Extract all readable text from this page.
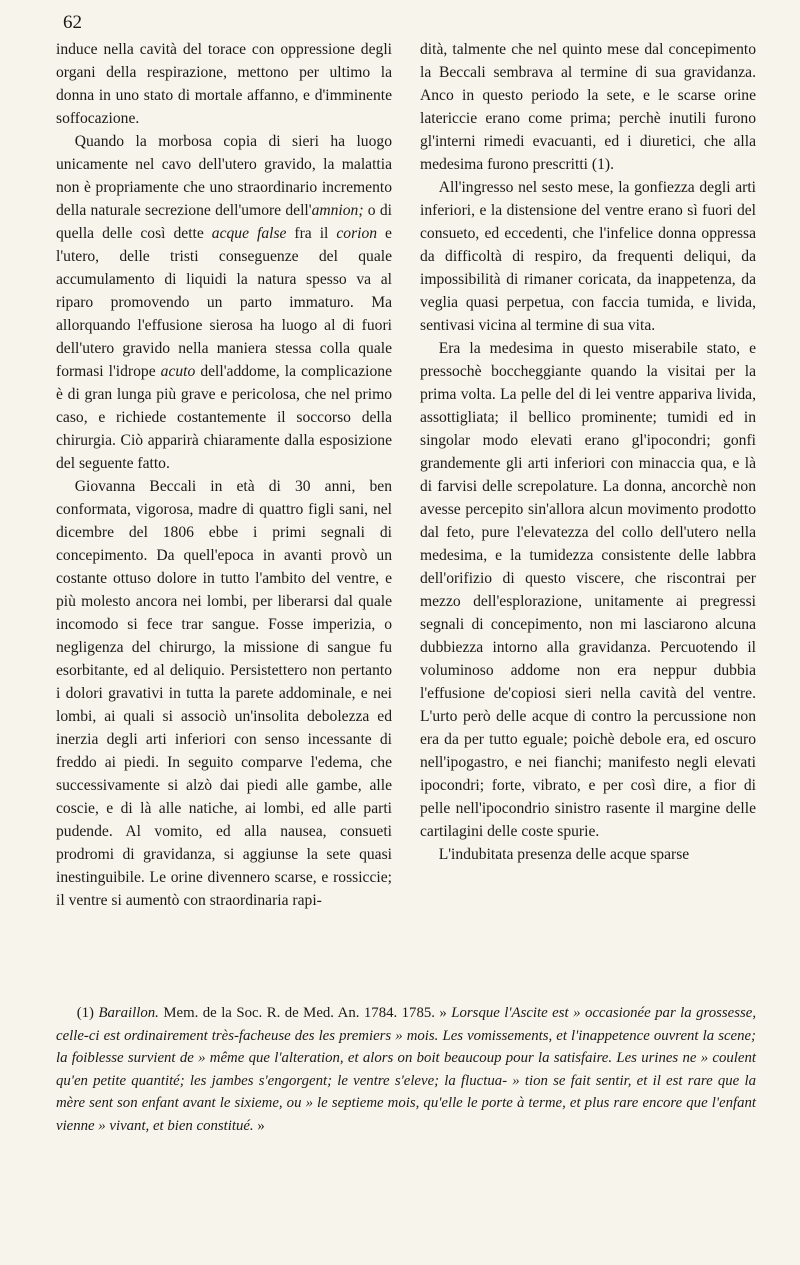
62

induce nella cavità del torace con oppressione degli organi della respirazione, mettono per ultimo la donna in uno stato di mortale affanno, e d'imminente soffocazione.

Quando la morbosa copia di sieri ha luogo unicamente nel cavo dell'utero gravido, la malattia non è propriamente che uno straordinario incremento della naturale secrezione dell'umore dell'amnion; o di quella delle così dette acque false fra il corion e l'utero, delle tristi conseguenze del quale accumulamento di liquidi la natura spesso va al riparo promovendo un parto immaturo. Ma allorquando l'effusione sierosa ha luogo al di fuori dell'utero gravido nella maniera stessa colla quale formasi l'idrope acuto dell'addome, la complicazione è di gran lunga più grave e pericolosa, che nel primo caso, e richiede costantemente il soccorso della chirurgia. Ciò apparirà chiaramente dalla esposizione del seguente fatto.

Giovanna Beccali in età di 30 anni, ben conformata, vigorosa, madre di quattro figli sani, nel dicembre del 1806 ebbe i primi segnali di concepimento. Da quell'epoca in avanti provò un costante ottuso dolore in tutto l'ambito del ventre, e più molesto ancora nei lombi, per liberarsi dal quale incomodo si fece trar sangue. Fosse imperizia, o negligenza del chirurgo, la missione di sangue fu esorbitante, ed al deliquio. Persistettero non pertanto i dolori gravativi in tutta la parete addominale, e nei lombi, ai quali si associò un'insolita debolezza ed inerzia degli arti inferiori con senso incessante di freddo ai piedi. In seguito comparve l'edema, che successivamente si alzò dai piedi alle gambe, alle coscie, e di là alle natiche, ai lombi, ed alle parti pudende. Al vomito, ed alla nausea, consueti prodromi di gravidanza, si aggiunse la sete quasi inestinguibile. Le orine divennero scarse, e rossiccie; il ventre si aumentò con straordinaria rapi-

dità, talmente che nel quinto mese dal concepimento la Beccali sembrava al termine di sua gravidanza. Anco in questo periodo la sete, e le scarse orine latericcie erano come prima; perchè inutili furono gl'interni rimedi evacuanti, ed i diuretici, che alla medesima furono prescritti (1).

All'ingresso nel sesto mese, la gonfiezza degli arti inferiori, e la distensione del ventre erano sì fuori del consueto, ed eccedenti, che l'infelice donna oppressa da difficoltà di respiro, da frequenti deliqui, da impossibilità di rimaner coricata, da inappetenza, da veglia quasi perpetua, con faccia tumida, e livida, sentivasi vicina al termine di sua vita.

Era la medesima in questo miserabile stato, e pressochè boccheggiante quando la visitai per la prima volta. La pelle del di lei ventre appariva livida, assottigliata; il bellico prominente; tumidi ed in singolar modo elevati erano gl'ipocondri; gonfi grandemente gli arti inferiori con minaccia qua, e là di farvisi delle screpolature. La donna, ancorchè non avesse percepito sin'allora alcun movimento prodotto dal feto, pure l'elevatezza del collo dell'utero nella medesima, e la tumidezza consistente delle labbra dell'orifizio di questo viscere, che riscontrai per mezzo dell'esplorazione, unitamente ai pregressi segnali di concepimento, non mi lasciarono alcuna dubbiezza intorno alla gravidanza. Percuotendo il voluminoso addome non era neppur dubbia l'effusione de'copiosi sieri nella cavità del ventre. L'urto però delle acque di contro la percussione non era da per tutto eguale; poichè debole era, ed oscuro nell'ipogastro, e nei fianchi; manifesto negli elevati ipocondri; forte, vibrato, e per così dire, a fior di pelle nell'ipocondrio sinistro rasente il margine delle cartilagini delle coste spurie.

L'indubitata presenza delle acque sparse

(1) Baraillon. Mem. de la Soc. R. de Med. An. 1784. 1785. » Lorsque l'Ascite est » occasionée par la grossesse, celle-ci est ordinairement très-facheuse des les premiers » mois. Les vomissements, et l'inappetence ouvrent la scene; la foiblesse survient de » même que l'alteration, et alors on boit beaucoup pour la satisfaire. Les urines ne » coulent qu'en petite quantité; les jambes s'engorgent; le ventre s'eleve; la fluctua- » tion se fait sentir, et il est rare que la mère sent son enfant avant le sixieme, ou » le septieme mois, qu'elle le porte à terme, et plus rare encore que l'enfant vienne » vivant, et bien constitué. »
